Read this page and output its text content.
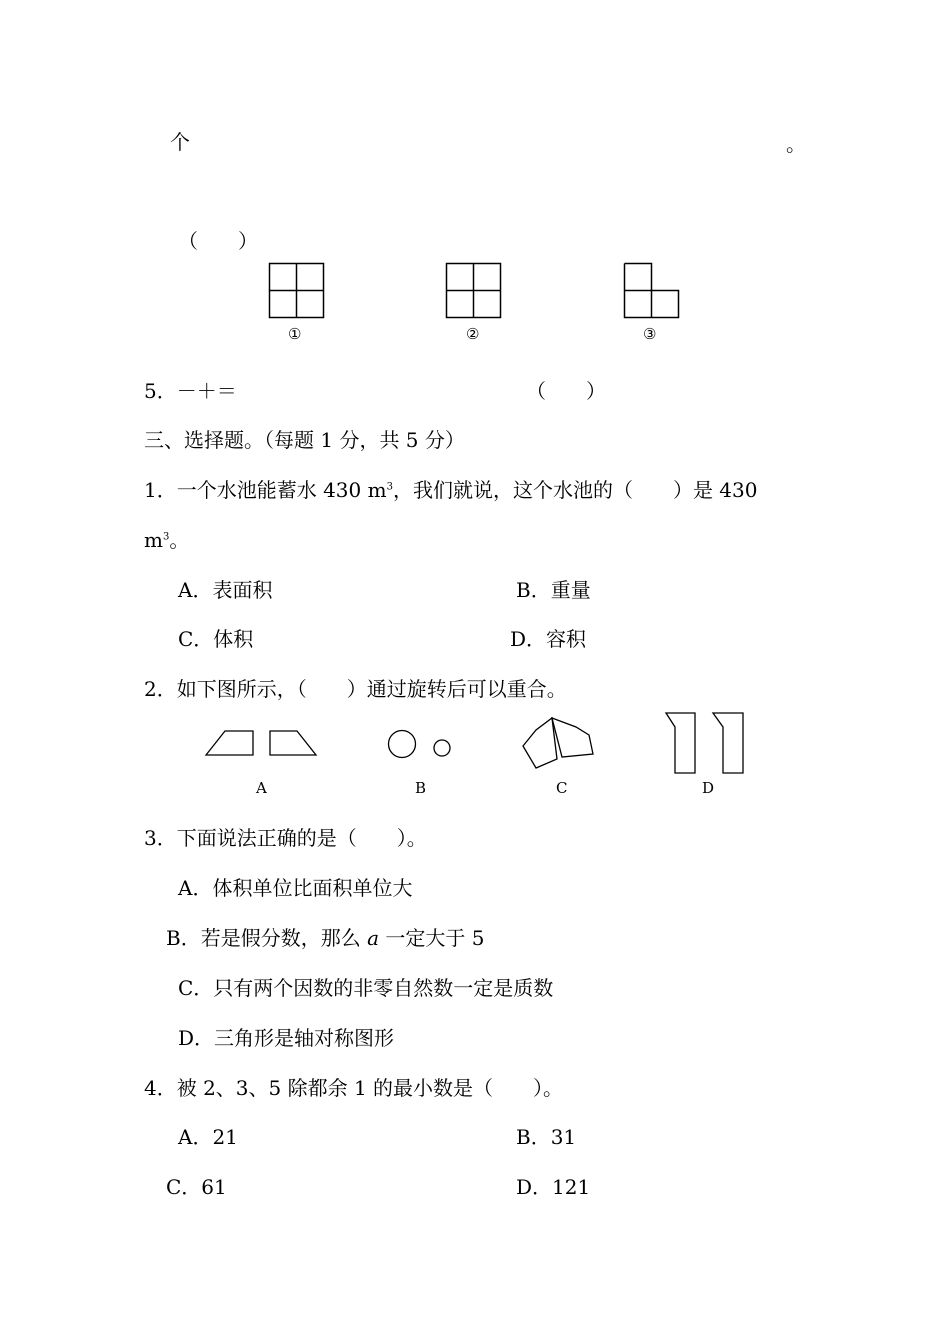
个	。
（　　）
①	②	③
5．－＋＝	（　　）
三、选择题。（每题 1 分，共 5 分）
1．一个水池能蓄水 430 $m^3$，我们就说，这个水池的（　　）是 430
$m^3$。
A．表面积	B．重量
C．体积	D．容积
2．如下图所示，（　　）通过旋转后可以重合。
A	B	C	D
3．下面说法正确的是（　　）。
A．体积单位比面积单位大
B．若是假分数，那么 a 一定大于 5
C．只有两个因数的非零自然数一定是质数
D．三角形是轴对称图形
4．被 2、3、5 除都余 1 的最小数是（　　）。
A．21	B．31
C．61	D．121
